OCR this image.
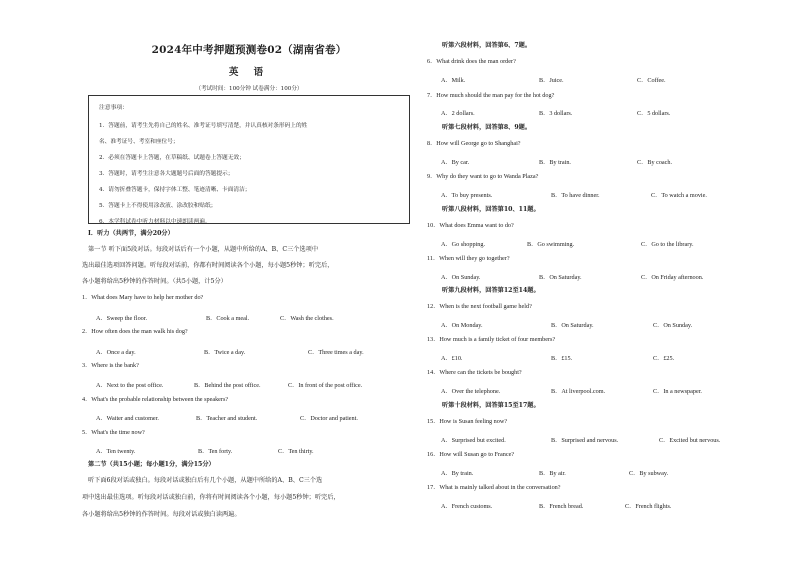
2024年中考押题预测卷02（湖南省卷）
英 语
（考试时间：100分钟 试卷满分：100分）
注意事项：
1．答题前，请考生先将自己的姓名、准考证号填写清楚，并认真核对条形码上的姓
名、准考证号、考室和座位号；
2．必须在答题卡上答题，在草稿纸、试题卷上答题无效；
3．答题时，请考生注意各大题题号后面的答题提示；
4．请勿折叠答题卡，保持字体工整、笔迹清晰、卡面清洁；
5．答题卡上不得使用涂改液、涂改胶和贴纸；
6．本学科试卷中听力材料以中速朗读两遍。
Ⅰ．听力（共两节，满分20分）
第一节 听下面5段对话。每段对话后有一个小题，从题中所给的A、B、C三个选项中
选出最佳选项回答问题。听每段对话前，你都有时间阅读各个小题，每小题5秒钟；听完后，
各小题将给出5秒钟的作答时间。（共5小题，计5分）
1．What does Mary have to help her mother do?
A．Sweep the floor.	B．Cook a meal.	C．Wash the clothes.
2．How often does the man walk his dog?
A．Once a day.	B．Twice a day.	C．Three times a day.
3．Where is the bank?
A．Next to the post office.	B．Behind the post office.	C．In front of the post office.
4．What's the probable relationship between the speakers?
A．Waiter and customer.	B．Teacher and student.	C．Doctor and patient.
5．What's the time now?
A．Ten twenty.	B．Ten forty.	C．Ten thirty.
第二节（共15小题；每小题1分，满分15分）
听下面6段对话或独白。每段对话或独白后有几个小题，从题中所给的A、B、C三个选
项中选出最佳选项。听每段对话或独白前，你将有时间阅读各个小题，每小题5秒钟；听完后，
各小题将给出5秒钟的作答时间。每段对话或独白读两遍。
听第六段材料，回答第6、7题。
6．What drink does the man order?
A．Milk.	B．Juice.	C．Coffee.
7．How much should the man pay for the hot dog?
A．2 dollars.	B．3 dollars.	C．5 dollars.
听第七段材料，回答第8、9题。
8．How will George go to Shanghai?
A．By car.	B．By train.	C．By coach.
9．Why do they want to go to Wanda Plaza?
A．To buy presents.	B．To have dinner.	C．To watch a movie.
听第八段材料，回答第10、11题。
10．What does Emma want to do?
A．Go shopping.	B．Go swimming.	C．Go to the library.
11．When will they go together?
A．On Sunday.	B．On Saturday.	C．On Friday afternoon.
听第九段材料，回答第12至14题。
12．When is the next football game held?
A．On Monday.	B．On Saturday.	C．On Sunday.
13．How much is a family ticket of four members?
A．£10.	B．£15.	C．£25.
14．Where can the tickets be bought?
A．Over the telephone.	B．At liverpool.com.	C．In a newspaper.
听第十段材料，回答第15至17题。
15．How is Susan feeling now?
A．Surprised but excited.	B．Surprised and nervous.	C．Excited but nervous.
16．How will Susan go to France?
A．By train.	B．By air.	C．By subway.
17．What is mainly talked about in the conversation?
A．French customs.	B．French bread.	C．French flights.
